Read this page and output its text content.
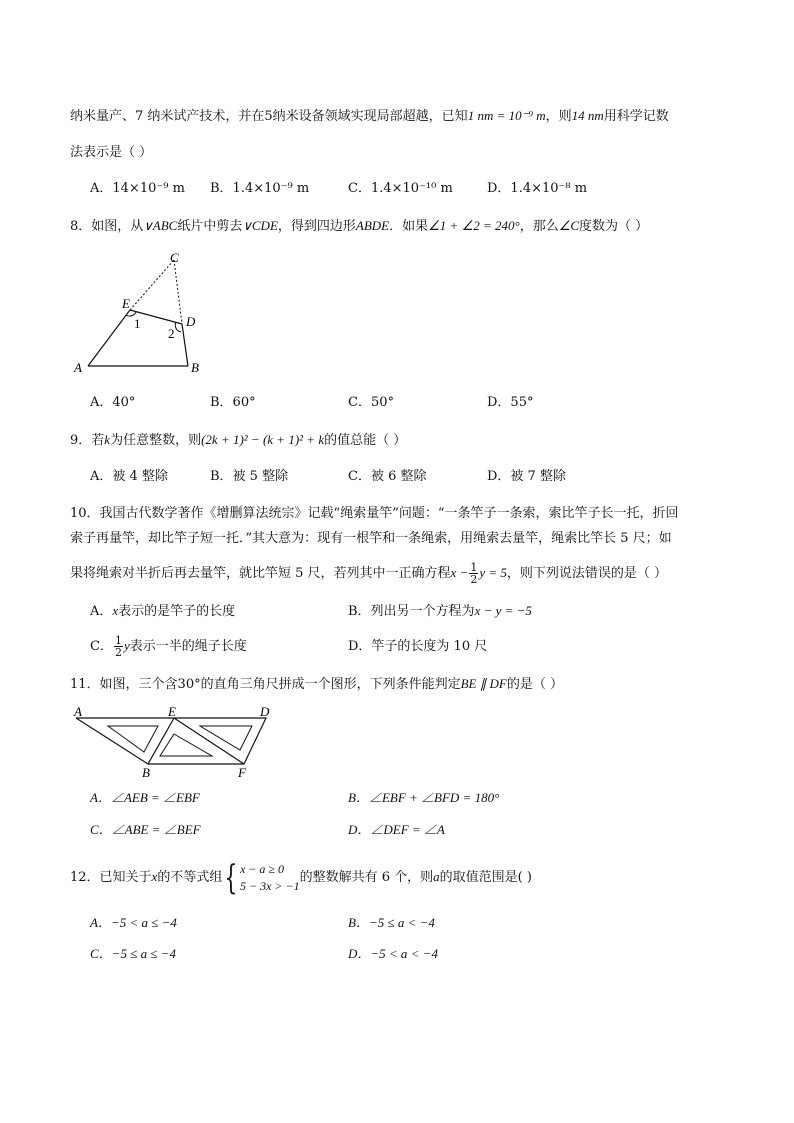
纳米量产、7 纳米试产技术，并在5纳米设备领域实现局部超越，已知1 nm = 10⁻⁹ m，则14 nm用科学记数
法表示是（ ）
A．14×10⁻⁹ m B．1.4×10⁻⁹ m	C．1.4×10⁻¹⁰ m	D．1.4×10⁻⁸ m
8．如图，从∨ABC纸片中剪去∨CDE，得到四边形ABDE．如果∠1 + ∠2 = 240°，那么∠C度数为（ ）
C
E
D
A	B
1
2
A．40°	B．60°	C．50°	D．55°
9．若k为任意整数，则(2k + 1)² − (k + 1)² + k的值总能（ ）
A．被 4 整除	B．被 5 整除	C．被 6 整除	D．被 7 整除
10．我国古代数学著作《增删算法统宗》记载“绳索量竿”问题：“一条竿子一条索，索比竿子长一托，折回
索子再量竿，却比竿子短一托．”其大意为：现有一根竿和一条绳索，用绳索去量竿，绳索比竿长 5 尺；如
果将绳索对半折后再去量竿，就比竿短 5 尺，若列其中一正确方程$x - \frac{1}{2}$ y = 5，则下列说法错误的是（ ）
A．x表示的是竿子的长度	B．列出另一个方程为x − y = −5
C． $\frac{1}{2}$ y表示一半的绳子长度	D．竿子的长度为 10 尺
11．如图，三个含30°的直角三角尺拼成一个图形，下列条件能判定BE ∥ DF的是（ ）
A	E	D
B	F
A．∠AEB = ∠EBF	B．∠EBF + ∠BFD = 180°
C．∠ABE = ∠BEF	D．∠DEF = ∠A
12．已知关于x的不等式组{ x − a ≥ 0
5 − 3x > −1
的整数解共有 6 个，则a的取值范围是( )
A．−5 < a ≤ −4	B．−5 ≤ a < −4
C．−5 ≤ a ≤ −4	D．−5 < a < −4
